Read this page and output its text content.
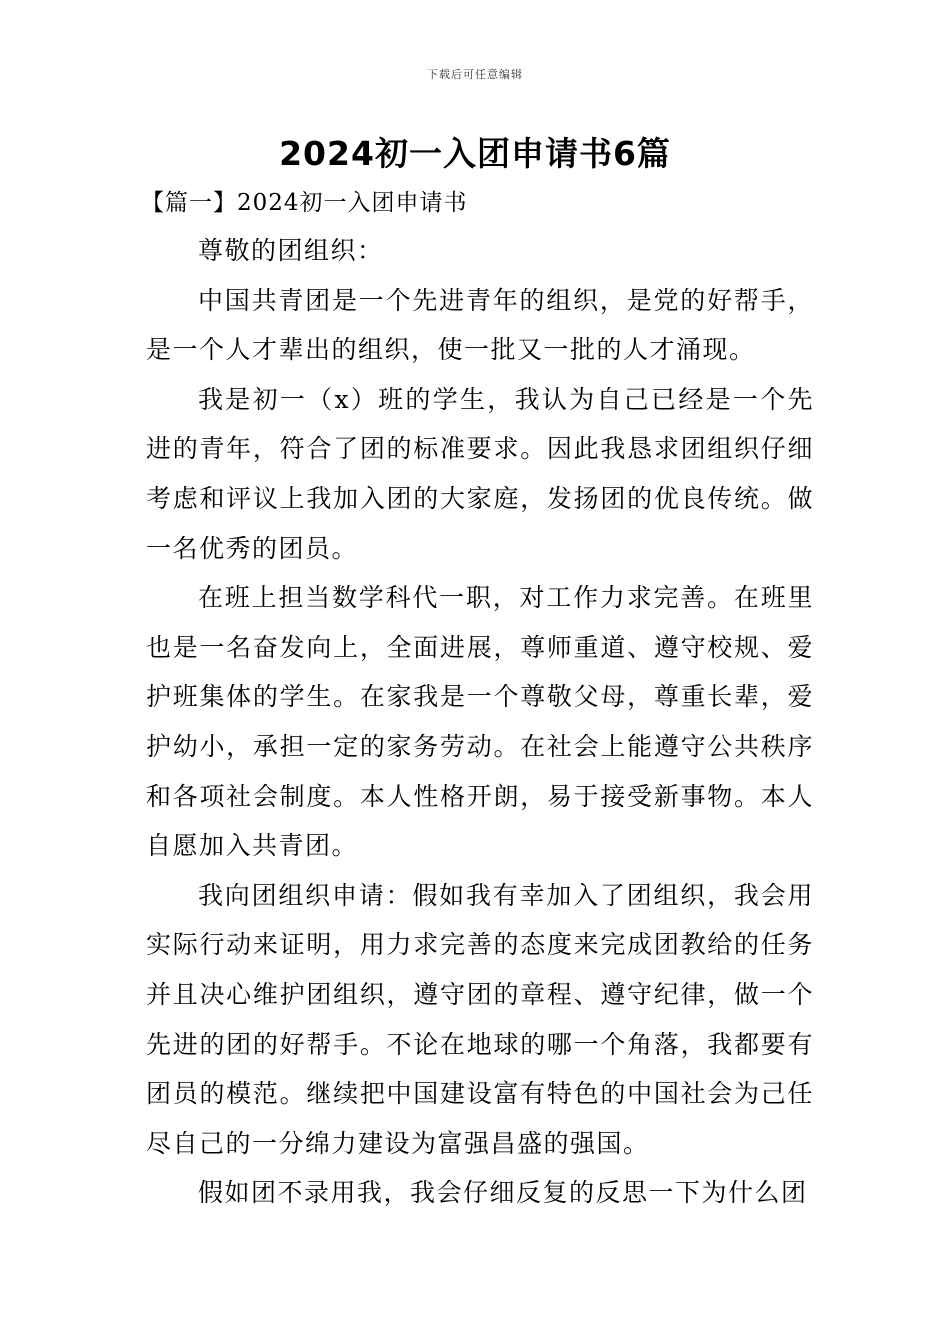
下载后可任意编辑
2024初一入团申请书6篇
【篇一】2024初一入团申请书

尊敬的团组织：

中国共青团是一个先进青年的组织，是党的好帮手，是一个人才辈出的组织，使一批又一批的人才涌现。

我是初一（x）班的学生，我认为自己已经是一个先进的青年，符合了团的标准要求。因此我恳求团组织仔细考虑和评议上我加入团的大家庭，发扬团的优良传统。做一名优秀的团员。

在班上担当数学科代一职，对工作力求完善。在班里也是一名奋发向上，全面进展，尊师重道、遵守校规、爱护班集体的学生。在家我是一个尊敬父母，尊重长辈，爱护幼小，承担一定的家务劳动。在社会上能遵守公共秩序和各项社会制度。本人性格开朗，易于接受新事物。本人自愿加入共青团。

我向团组织申请：假如我有幸加入了团组织，我会用实际行动来证明，用力求完善的态度来完成团教给的任务并且决心维护团组织，遵守团的章程、遵守纪律，做一个先进的团的好帮手。不论在地球的哪一个角落，我都要有团员的模范。继续把中国建设富有特色的中国社会为己任尽自己的一分绵力建设为富强昌盛的强国。

假如团不录用我，我会仔细反复的反思一下为什么团
